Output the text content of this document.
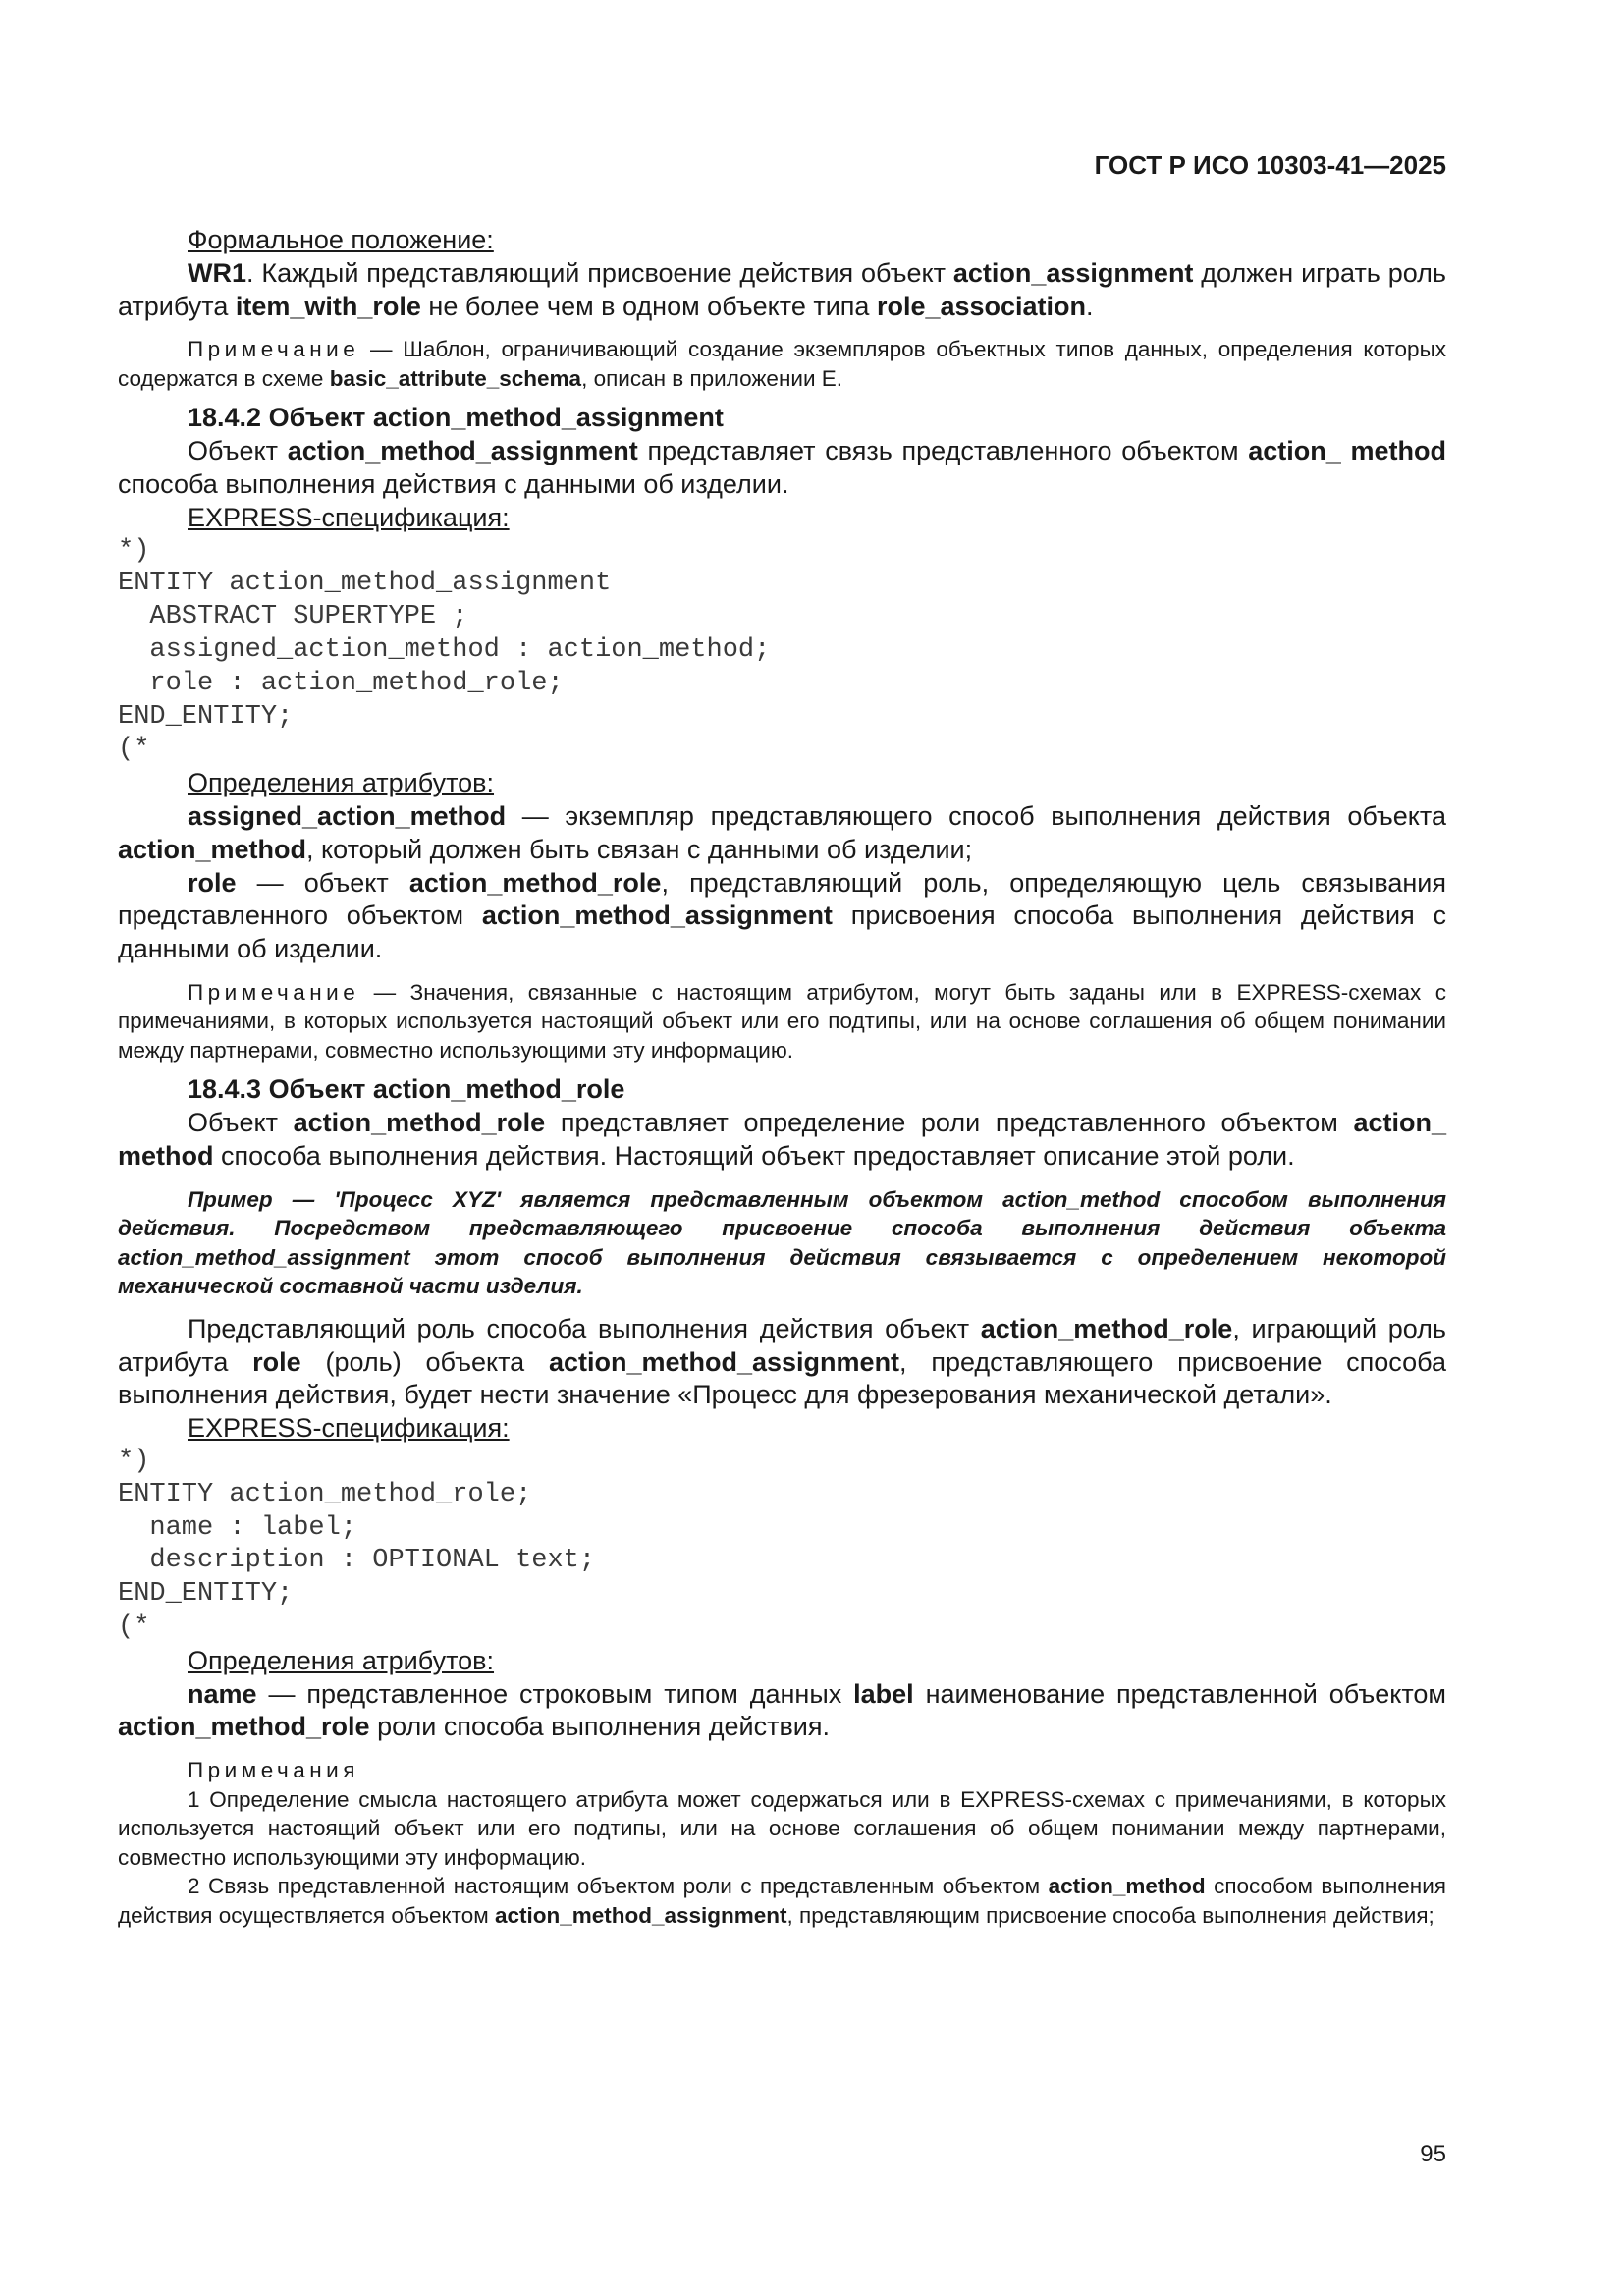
ГОСТ Р ИСО 10303-41—2025

Формальное положение:

WR1. Каждый представляющий присвоение действия объект action_assignment должен играть роль атрибута item_with_role не более чем в одном объекте типа role_association.

Примечание — Шаблон, ограничивающий создание экземпляров объектных типов данных, определения которых содержатся в схеме basic_attribute_schema, описан в приложении Е.

18.4.2 Объект action_method_assignment

Объект action_method_assignment представляет связь представленного объектом action_ method способа выполнения действия с данными об изделии.

EXPRESS-спецификация:

*)
ENTITY action_method_assignment
ABSTRACT SUPERTYPE ;
assigned_action_method : action_method;
role : action_method_role;
END_ENTITY;
(*

Определения атрибутов:

assigned_action_method — экземпляр представляющего способ выполнения действия объекта action_method, который должен быть связан с данными об изделии;

role — объект action_method_role, представляющий роль, определяющую цель связывания представленного объектом action_method_assignment присвоения способа выполнения действия с данными об изделии.

Примечание — Значения, связанные с настоящим атрибутом, могут быть заданы или в EXPRESS-схемах с примечаниями, в которых используется настоящий объект или его подтипы, или на основе соглашения об общем понимании между партнерами, совместно использующими эту информацию.

18.4.3 Объект action_method_role

Объект action_method_role представляет определение роли представленного объектом action_ method способа выполнения действия. Настоящий объект предоставляет описание этой роли.

Пример — 'Процесс XYZ' является представленным объектом action_method способом выполнения действия. Посредством представляющего присвоение способа выполнения действия объекта action_method_assignment этот способ выполнения действия связывается с определением некоторой механической составной части изделия.

Представляющий роль способа выполнения действия объект action_method_role, играющий роль атрибута role (роль) объекта action_method_assignment, представляющего присвоение способа выполнения действия, будет нести значение «Процесс для фрезерования механической детали».

EXPRESS-спецификация:

*)
ENTITY action_method_role;
name : label;
description : OPTIONAL text;
END_ENTITY;
(*

Определения атрибутов:

name — представленное строковым типом данных label наименование представленной объектом action_method_role роли способа выполнения действия.

Примечания

1 Определение смысла настоящего атрибута может содержаться или в EXPRESS-схемах с примечаниями, в которых используется настоящий объект или его подтипы, или на основе соглашения об общем понимании между партнерами, совместно использующими эту информацию.

2 Связь представленной настоящим объектом роли с представленным объектом action_method способом выполнения действия осуществляется объектом action_method_assignment, представляющим присвоение способа выполнения действия;

95
